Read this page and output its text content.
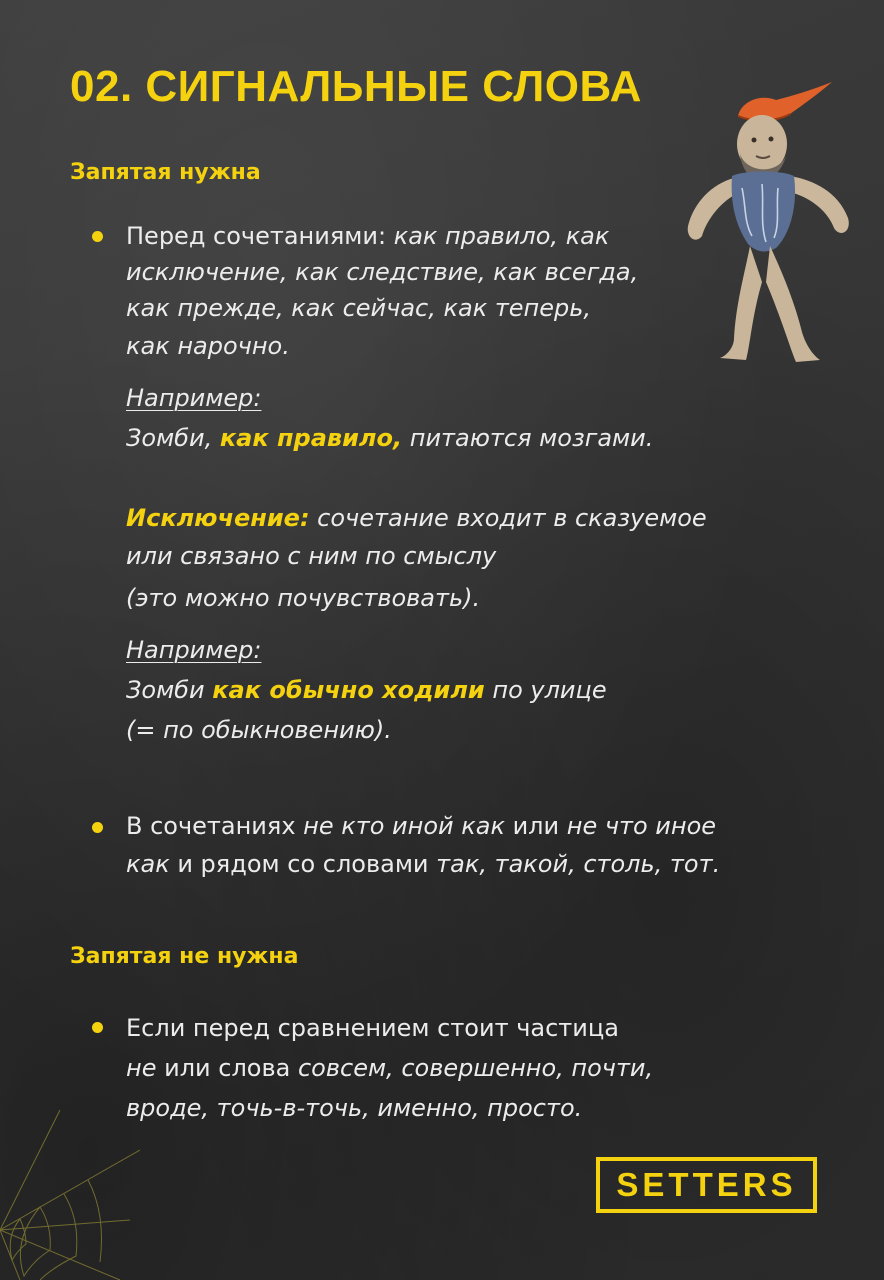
02. СИГНАЛЬНЫЕ СЛОВА
Запятая нужна
Перед сочетаниями: как правило, как
исключение, как следствие, как всегда,
как прежде, как сейчас, как теперь,
как нарочно.
Например:
Зомби, как правило, питаются мозгами.
Исключение: сочетание входит в сказуемое
или связано с ним по смыслу
(это можно почувствовать).
Например:
Зомби как обычно ходили по улице
(= по обыкновению).
В сочетаниях не кто иной как или не что иное
как и рядом со словами так, такой, столь, тот.
Запятая не нужна
Если перед сравнением стоит частица
не или слова совсем, совершенно, почти,
вроде, точь-в-точь, именно, просто.
SETTERS
